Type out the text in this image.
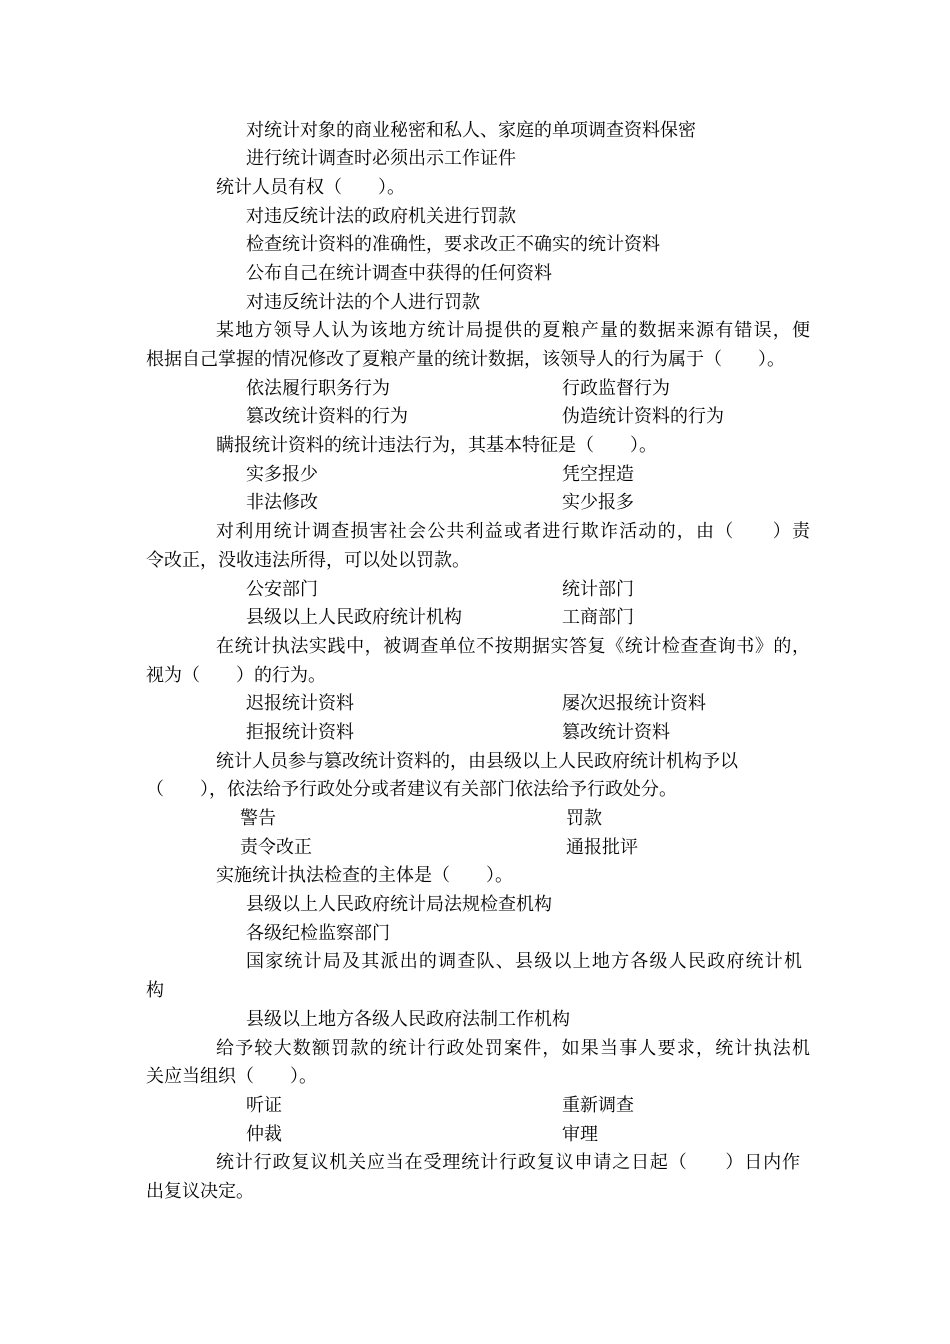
对统计对象的商业秘密和私人、家庭的单项调查资料保密
进行统计调查时必须出示工作证件
统计人员有权（　　）。
对违反统计法的政府机关进行罚款
检查统计资料的准确性，要求改正不确实的统计资料
公布自己在统计调查中获得的任何资料
对违反统计法的个人进行罚款
某地方领导人认为该地方统计局提供的夏粮产量的数据来源有错误，便
根据自己掌握的情况修改了夏粮产量的统计数据，该领导人的行为属于（　　）。
依法履行职务行为	行政监督行为
篡改统计资料的行为	伪造统计资料的行为
瞒报统计资料的统计违法行为，其基本特征是（　　）。
实多报少	凭空捏造
非法修改	实少报多
对利用统计调查损害社会公共利益或者进行欺诈活动的，由（　　）责
令改正，没收违法所得，可以处以罚款。
公安部门	统计部门
县级以上人民政府统计机构	工商部门
在统计执法实践中，被调查单位不按期据实答复《统计检查查询书》的，
视为（　　）的行为。
迟报统计资料	屡次迟报统计资料
拒报统计资料	篡改统计资料
统计人员参与篡改统计资料的，由县级以上人民政府统计机构予以
（　　），依法给予行政处分或者建议有关部门依法给予行政处分。
警告	罚款
责令改正	通报批评
实施统计执法检查的主体是（　　）。
县级以上人民政府统计局法规检查机构
各级纪检监察部门
国家统计局及其派出的调查队、县级以上地方各级人民政府统计机
构
县级以上地方各级人民政府法制工作机构
给予较大数额罚款的统计行政处罚案件，如果当事人要求，统计执法机
关应当组织（　　）。
听证	重新调查
仲裁	审理
统计行政复议机关应当在受理统计行政复议申请之日起（　　）日内作
出复议决定。
